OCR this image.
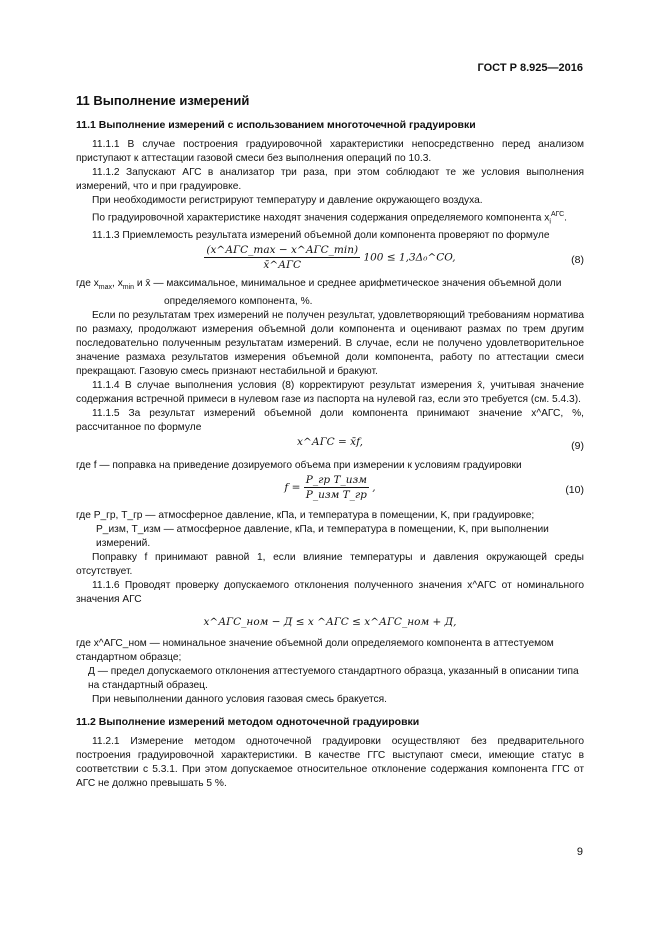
ГОСТ Р 8.925—2016

11 Выполнение измерений

11.1 Выполнение измерений с использованием многоточечной градуировки

11.1.1 В случае построения градуировочной характеристики непосредственно перед анализом приступают к аттестации газовой смеси без выполнения операций по 10.3.

11.1.2 Запускают АГС в анализатор три раза, при этом соблюдают те же условия выполнения измерений, что и при градуировке.

При необходимости регистрируют температуру и давление окружающего воздуха.

По градуировочной характеристике находят значения содержания определяемого компонента $x_i^{АГС}$.

11.1.3 Приемлемость результата измерений объемной доли компонента проверяют по формуле

$\frac{\text{(x\textasciicircum{}АГС\_max − x\textasciicircum{}АГС\_min)}}{\text{x̄\textasciicircum{}АГС}} 100$ ≤ 1,3Δ₀^CO,	(8)

где $x_{max}$, $x_{min}$ и x̄ — максимальное, минимальное и среднее арифметическое значения объемной доли

определяемого компонента, %.

Если по результатам трех измерений не получен результат, удовлетворяющий требованиям норматива по размаху, продолжают измерения объемной доли компонента и оценивают размах по трем другим последовательно полученным результатам измерений. В случае, если не получено удовлетворительное значение размаха результатов измерения объемной доли компонента, работу по аттестации смеси прекращают. Газовую смесь признают нестабильной и бракуют.

11.1.4 В случае выполнения условия (8) корректируют результат измерения x̄, учитывая значение содержания встречной примеси в нулевом газе из паспорта на нулевой газ, если это требуется (см. 5.4.3).

11.1.5 За результат измерений объемной доли компонента принимают значение x^АГС, %, рассчитанное по формуле

x^АГС = x̄f,	(9)

где f — поправка на приведение дозируемого объема при измерении к условиям градуировки

$f = \frac{\text{P\_гр T\_изм}}{\text{P\_изм T\_гр}}$ ,	(10)

где P_гр, T_гр — атмосферное давление, кПа, и температура в помещении, K, при градуировке;

P_изм, T_изм — атмосферное давление, кПа, и температура в помещении, K, при выполнении измерений.

Поправку f принимают равной 1, если влияние температуры и давления окружающей среды отсутствует.

11.1.6 Проводят проверку допускаемого отклонения полученного значения x^АГС от номинального значения АГС

x^АГС_ном − Д ≤ x ^АГС ≤ x^АГС_ном + Д,

где x^АГС_ном — номинальное значение объемной доли определяемого компонента в аттестуемом стандартном образце;

Д — предел допускаемого отклонения аттестуемого стандартного образца, указанный в описании типа на стандартный образец.

При невыполнении данного условия газовая смесь бракуется.

11.2 Выполнение измерений методом одноточечной градуировки

11.2.1 Измерение методом одноточечной градуировки осуществляют без предварительного построения градуировочной характеристики. В качестве ГГС выступают смеси, имеющие статус в соответствии с 5.3.1. При этом допускаемое относительное отклонение содержания компонента ГГС от АГС не должно превышать 5 %.

9
